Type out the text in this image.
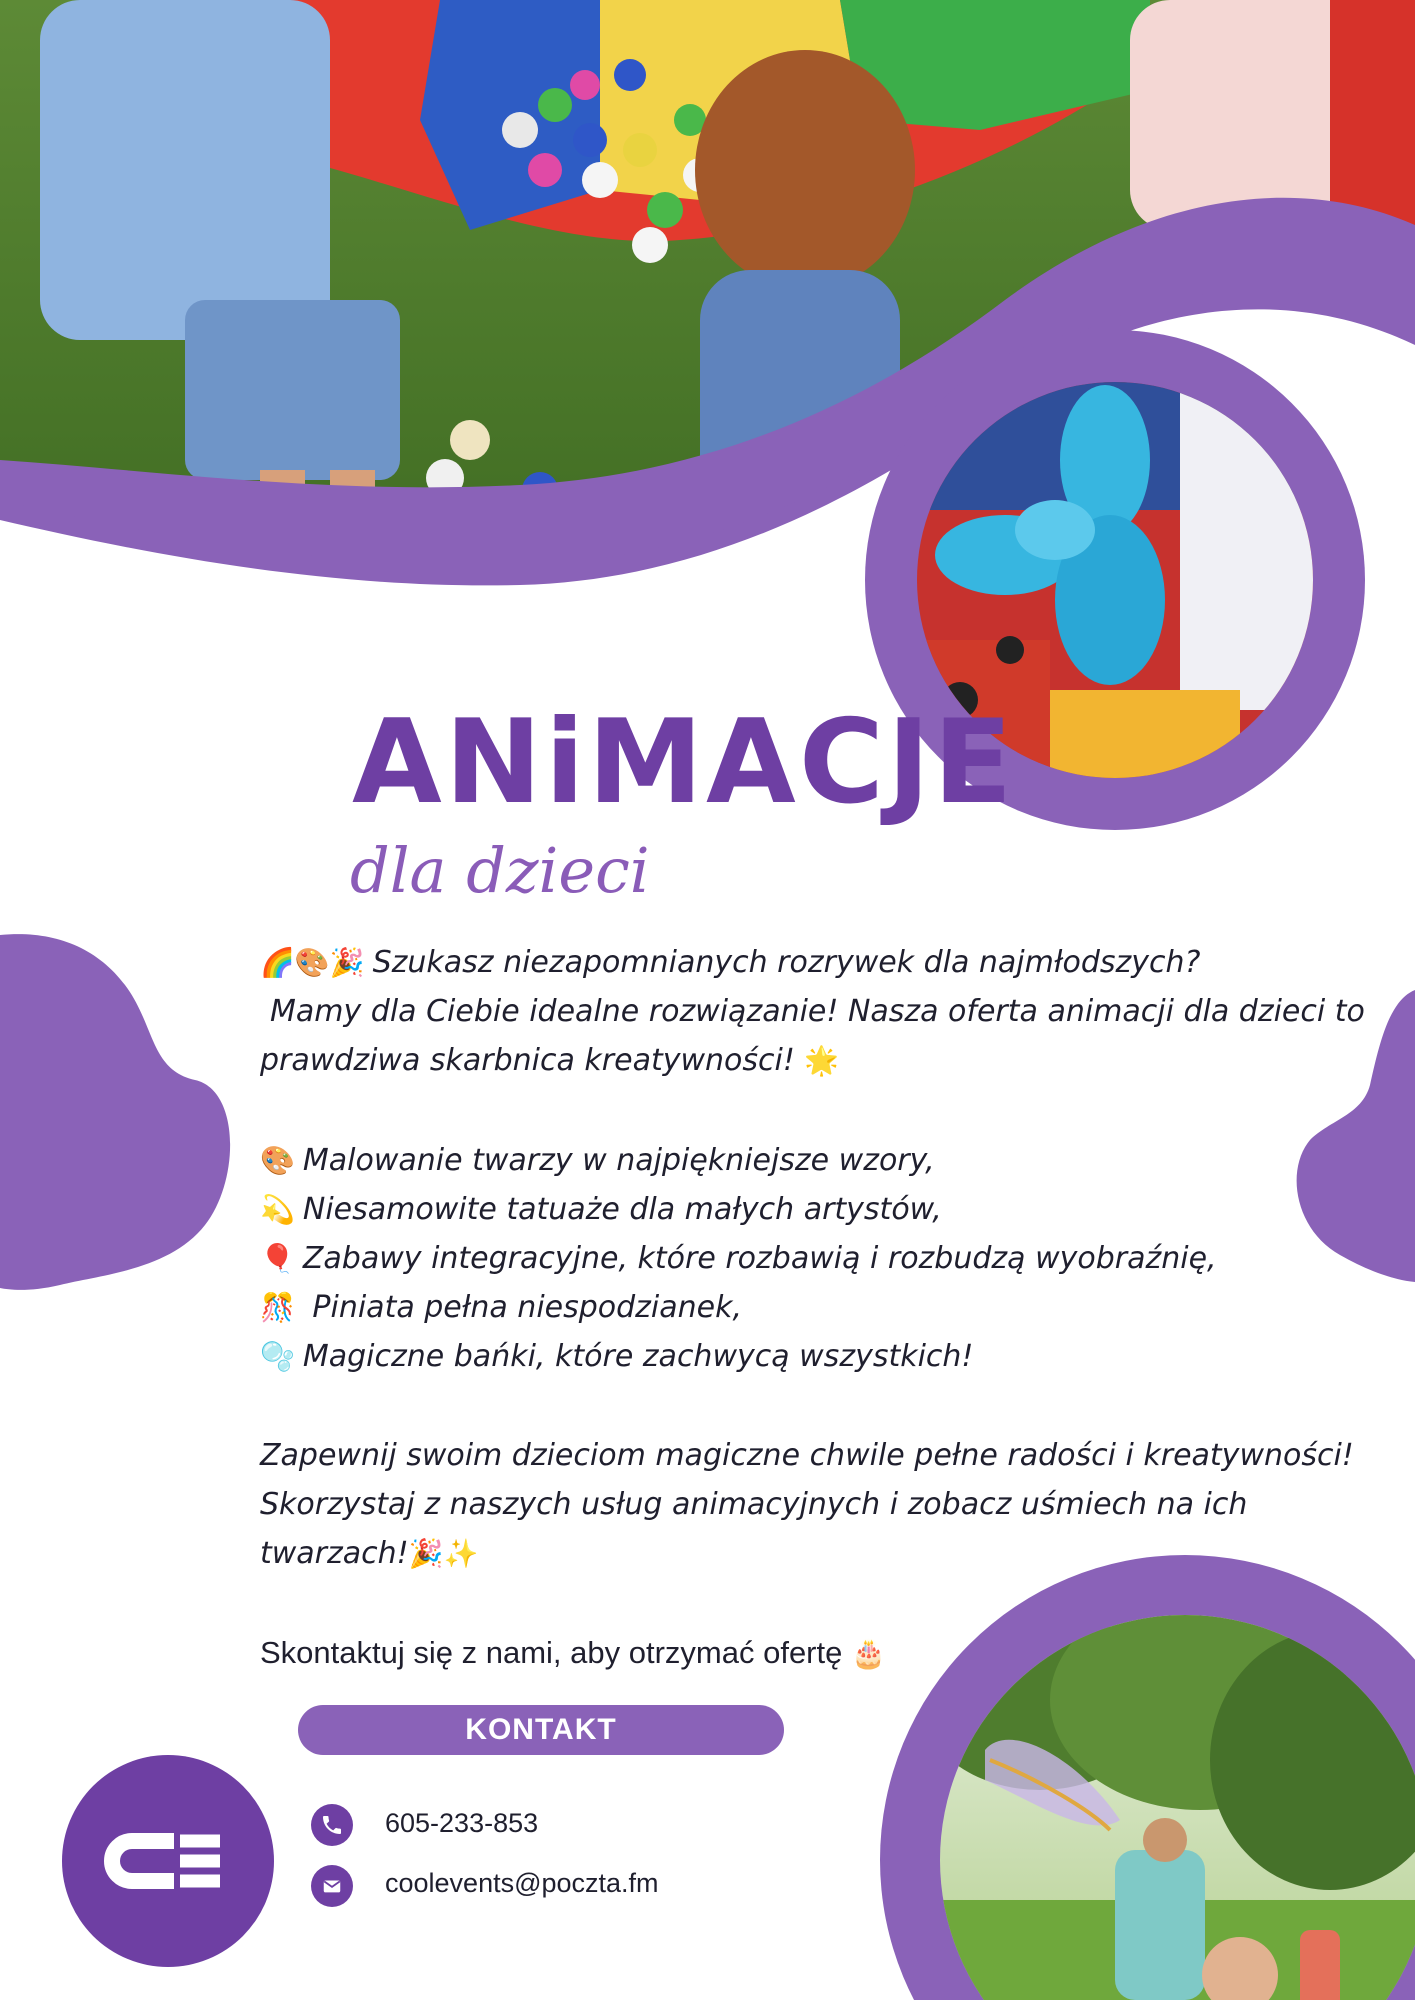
ANiMACJE
dla dzieci
🌈🎨🎉 Szukasz niezapomnianych rozrywek dla najmłodszych?
Mamy dla Ciebie idealne rozwiązanie! Nasza oferta animacji dla dzieci to
prawdziwa skarbnica kreatywności! 🌟
🎨 Malowanie twarzy w najpiękniejsze wzory,
💫 Niesamowite tatuaże dla małych artystów,
🎈 Zabawy integracyjne, które rozbawią i rozbudzą wyobraźnię,
🎊 Piniata pełna niespodzianek,
🫧 Magiczne bańki, które zachwycą wszystkich!
Zapewnij swoim dzieciom magiczne chwile pełne radości i kreatywności!
Skorzystaj z naszych usług animacyjnych i zobacz uśmiech na ich
twarzach!🎉✨
Skontaktuj się z nami, aby otrzymać ofertę 🎂
KONTAKT
605-233-853
coolevents@poczta.fm
